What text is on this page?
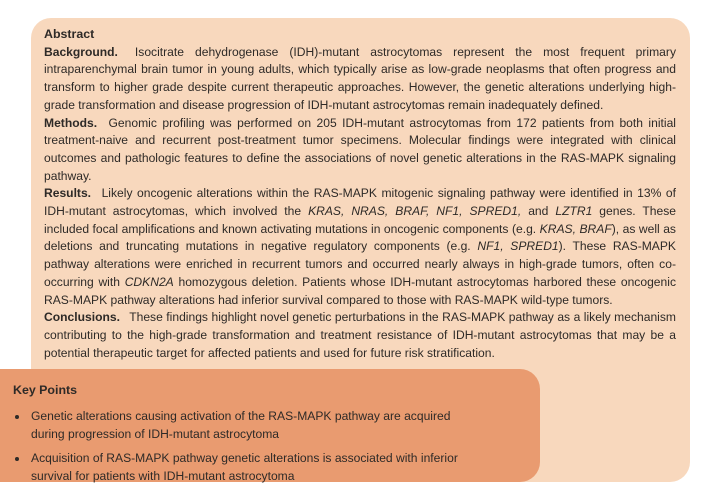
Abstract

Background. Isocitrate dehydrogenase (IDH)-mutant astrocytomas represent the most frequent primary intraparenchymal brain tumor in young adults, which typically arise as low-grade neoplasms that often progress and transform to higher grade despite current therapeutic approaches. However, the genetic alterations underlying high-grade transformation and disease progression of IDH-mutant astrocytomas remain inadequately defined.

Methods. Genomic profiling was performed on 205 IDH-mutant astrocytomas from 172 patients from both initial treatment-naive and recurrent post-treatment tumor specimens. Molecular findings were integrated with clinical outcomes and pathologic features to define the associations of novel genetic alterations in the RAS-MAPK signaling pathway.

Results. Likely oncogenic alterations within the RAS-MAPK mitogenic signaling pathway were identified in 13% of IDH-mutant astrocytomas, which involved the KRAS, NRAS, BRAF, NF1, SPRED1, and LZTR1 genes. These included focal amplifications and known activating mutations in oncogenic components (e.g. KRAS, BRAF), as well as deletions and truncating mutations in negative regulatory components (e.g. NF1, SPRED1). These RAS-MAPK pathway alterations were enriched in recurrent tumors and occurred nearly always in high-grade tumors, often co-occurring with CDKN2A homozygous deletion. Patients whose IDH-mutant astrocytomas harbored these oncogenic RAS-MAPK pathway alterations had inferior survival compared to those with RAS-MAPK wild-type tumors.

Conclusions. These findings highlight novel genetic perturbations in the RAS-MAPK pathway as a likely mechanism contributing to the high-grade transformation and treatment resistance of IDH-mutant astrocytomas that may be a potential therapeutic target for affected patients and used for future risk stratification.

Key Points
• Genetic alterations causing activation of the RAS-MAPK pathway are acquired during progression of IDH-mutant astrocytoma
• Acquisition of RAS-MAPK pathway genetic alterations is associated with inferior survival for patients with IDH-mutant astrocytoma
